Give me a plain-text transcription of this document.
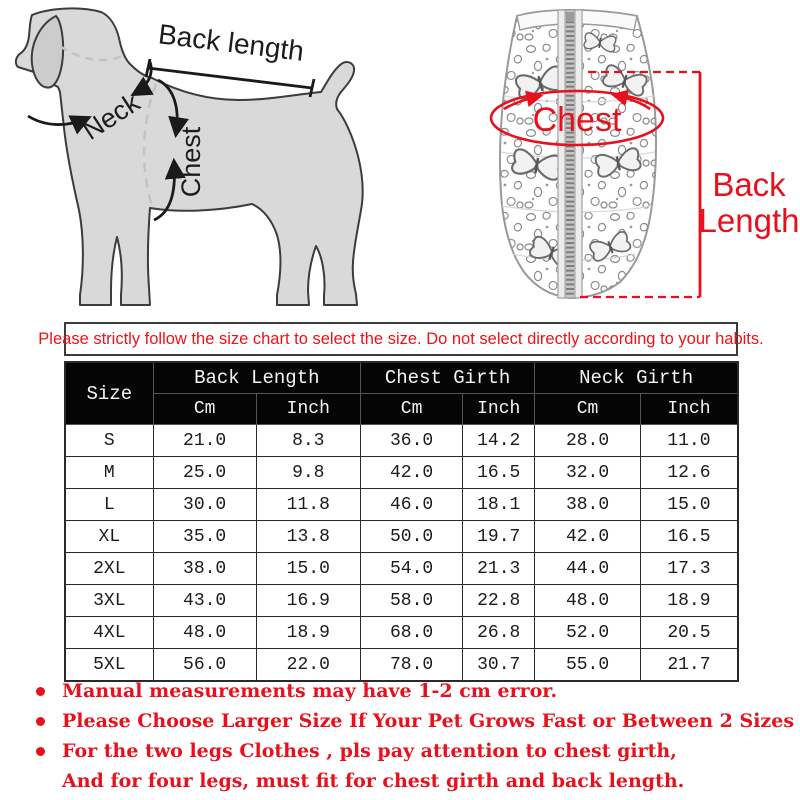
Back length
Neck
Chest
Chest
Back
Length
Please strictly follow the size chart to select the size. Do not select directly according to your habits.
Size	Back Length		Chest Girth		Neck Girth	
	Cm	Inch	Cm	Inch	Cm	Inch
S	21.0	8.3	36.0	14.2	28.0	11.0
M	25.0	9.8	42.0	16.5	32.0	12.6
L	30.0	11.8	46.0	18.1	38.0	15.0
XL	35.0	13.8	50.0	19.7	42.0	16.5
2XL	38.0	15.0	54.0	21.3	44.0	17.3
3XL	43.0	16.9	58.0	22.8	48.0	18.9
4XL	48.0	18.9	68.0	26.8	52.0	20.5
5XL	56.0	22.0	78.0	30.7	55.0	21.7
Manual measurements may have 1-2 cm error.
Please Choose Larger Size If Your Pet Grows Fast or Between 2 Sizes
For the two legs Clothes , pls pay attention to chest girth,
And for four legs, must fit for chest girth and back length.
